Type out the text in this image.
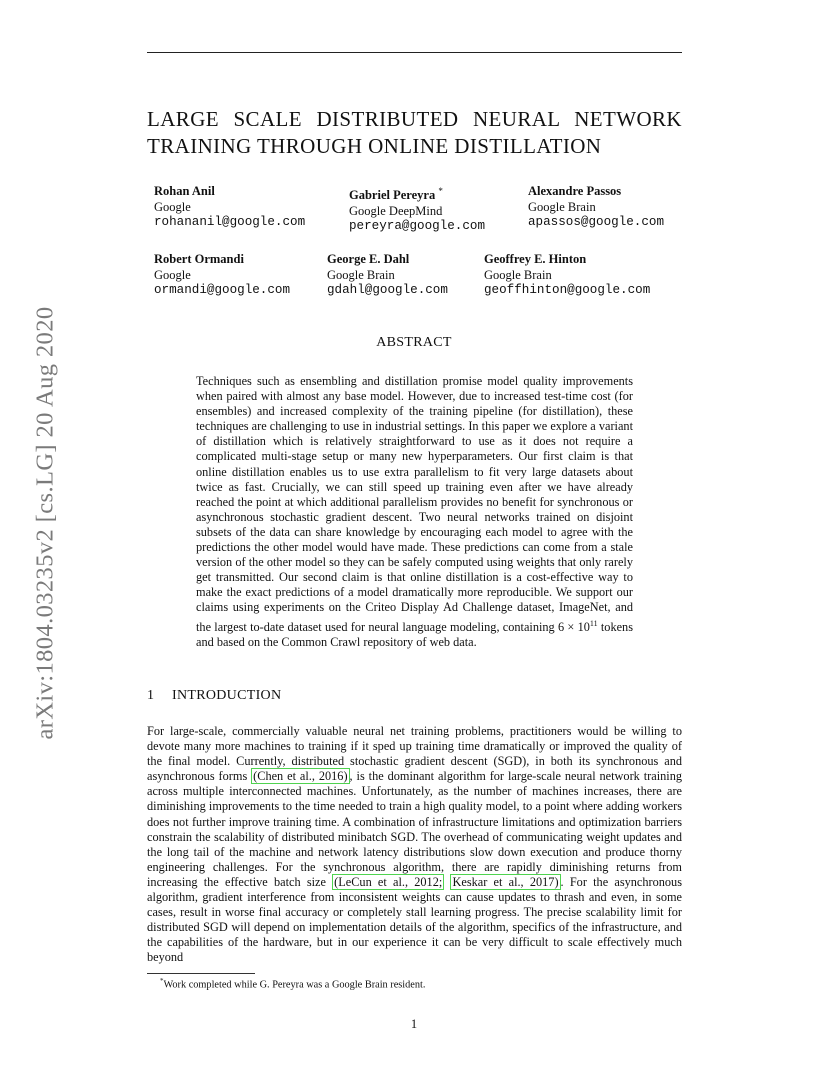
arXiv:1804.03235v2 [cs.LG] 20 Aug 2020
LARGE SCALE DISTRIBUTED NEURAL NETWORK
TRAINING THROUGH ONLINE DISTILLATION
Rohan Anil
Google
rohananil@google.com
Gabriel Pereyra *
Google DeepMind
pereyra@google.com
Alexandre Passos
Google Brain
apassos@google.com
Robert Ormandi
Google
ormandi@google.com
George E. Dahl
Google Brain
gdahl@google.com
Geoffrey E. Hinton
Google Brain
geoffhinton@google.com
ABSTRACT

Techniques such as ensembling and distillation promise model quality improvements when paired with almost any base model. However, due to increased test-time cost (for ensembles) and increased complexity of the training pipeline (for distillation), these techniques are challenging to use in industrial settings. In this paper we explore a variant of distillation which is relatively straightforward to use as it does not require a complicated multi-stage setup or many new hyperparameters. Our first claim is that online distillation enables us to use extra parallelism to fit very large datasets about twice as fast. Crucially, we can still speed up training even after we have already reached the point at which additional parallelism provides no benefit for synchronous or asynchronous stochastic gradient descent. Two neural networks trained on disjoint subsets of the data can share knowledge by encouraging each model to agree with the predictions the other model would have made. These predictions can come from a stale version of the other model so they can be safely computed using weights that only rarely get transmitted. Our second claim is that online distillation is a cost-effective way to make the exact predictions of a model dramatically more reproducible. We support our claims using experiments on the Criteo Display Ad Challenge dataset, ImageNet, and the largest to-date dataset used for neural language modeling, containing $6 \times 10^{11}$ tokens and based on the Common Crawl repository of web data.

1 INTRODUCTION

For large-scale, commercially valuable neural net training problems, practitioners would be willing to devote many more machines to training if it sped up training time dramatically or improved the quality of the final model. Currently, distributed stochastic gradient descent (SGD), in both its synchronous and asynchronous forms (Chen et al., 2016) , is the dominant algorithm for large-scale neural network training across multiple interconnected machines. Unfortunately, as the number of machines increases, there are diminishing improvements to the time needed to train a high quality model, to a point where adding workers does not further improve training time. A combination of infrastructure limitations and optimization barriers constrain the scalability of distributed minibatch SGD. The overhead of communicating weight updates and the long tail of the machine and network latency distributions slow down execution and produce thorny engineering challenges. For the synchronous algorithm, there are rapidly diminishing returns from increasing the effective batch size (LeCun et al., 2012; Keskar et al., 2017) . For the asynchronous algorithm, gradient interference from inconsistent weights can cause updates to thrash and even, in some cases, result in worse final accuracy or completely stall learning progress. The precise scalability limit for distributed SGD will depend on implementation details of the algorithm, specifics of the infrastructure, and the capabilities of the hardware, but in our experience it can be very difficult to scale effectively much beyond

*Work completed while G. Pereyra was a Google Brain resident.

1
